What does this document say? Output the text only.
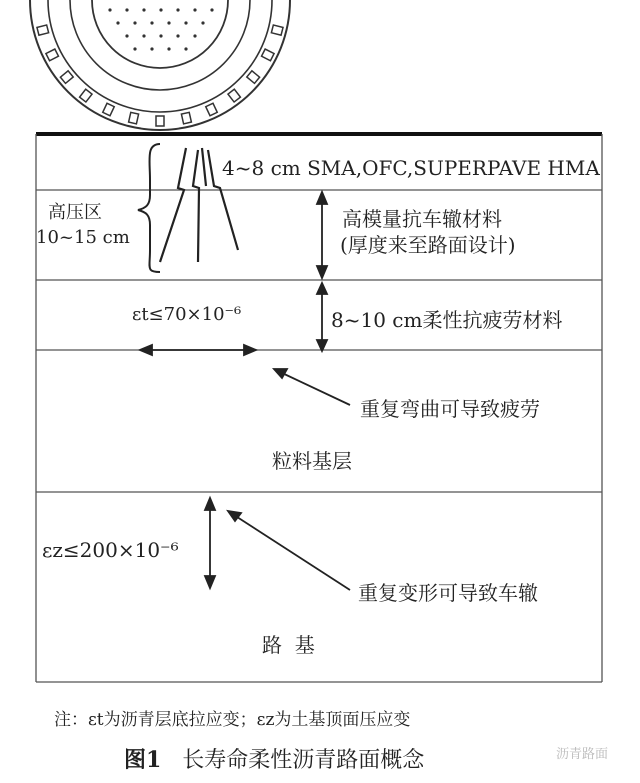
4~8 cm SMA,OFC,SUPERPAVE HMA
高压区
10~15 cm
高模量抗车辙材料
(厚度来至路面设计)
εt≤70×10⁻⁶	8~10 cm柔性抗疲劳材料
重复弯曲可导致疲劳
粒料基层
εz≤200×10⁻⁶
重复变形可导致车辙
路  基
注：εt为沥青层底拉应变；εz为土基顶面压应变
图1 长寿命柔性沥青路面概念	沥青路面
